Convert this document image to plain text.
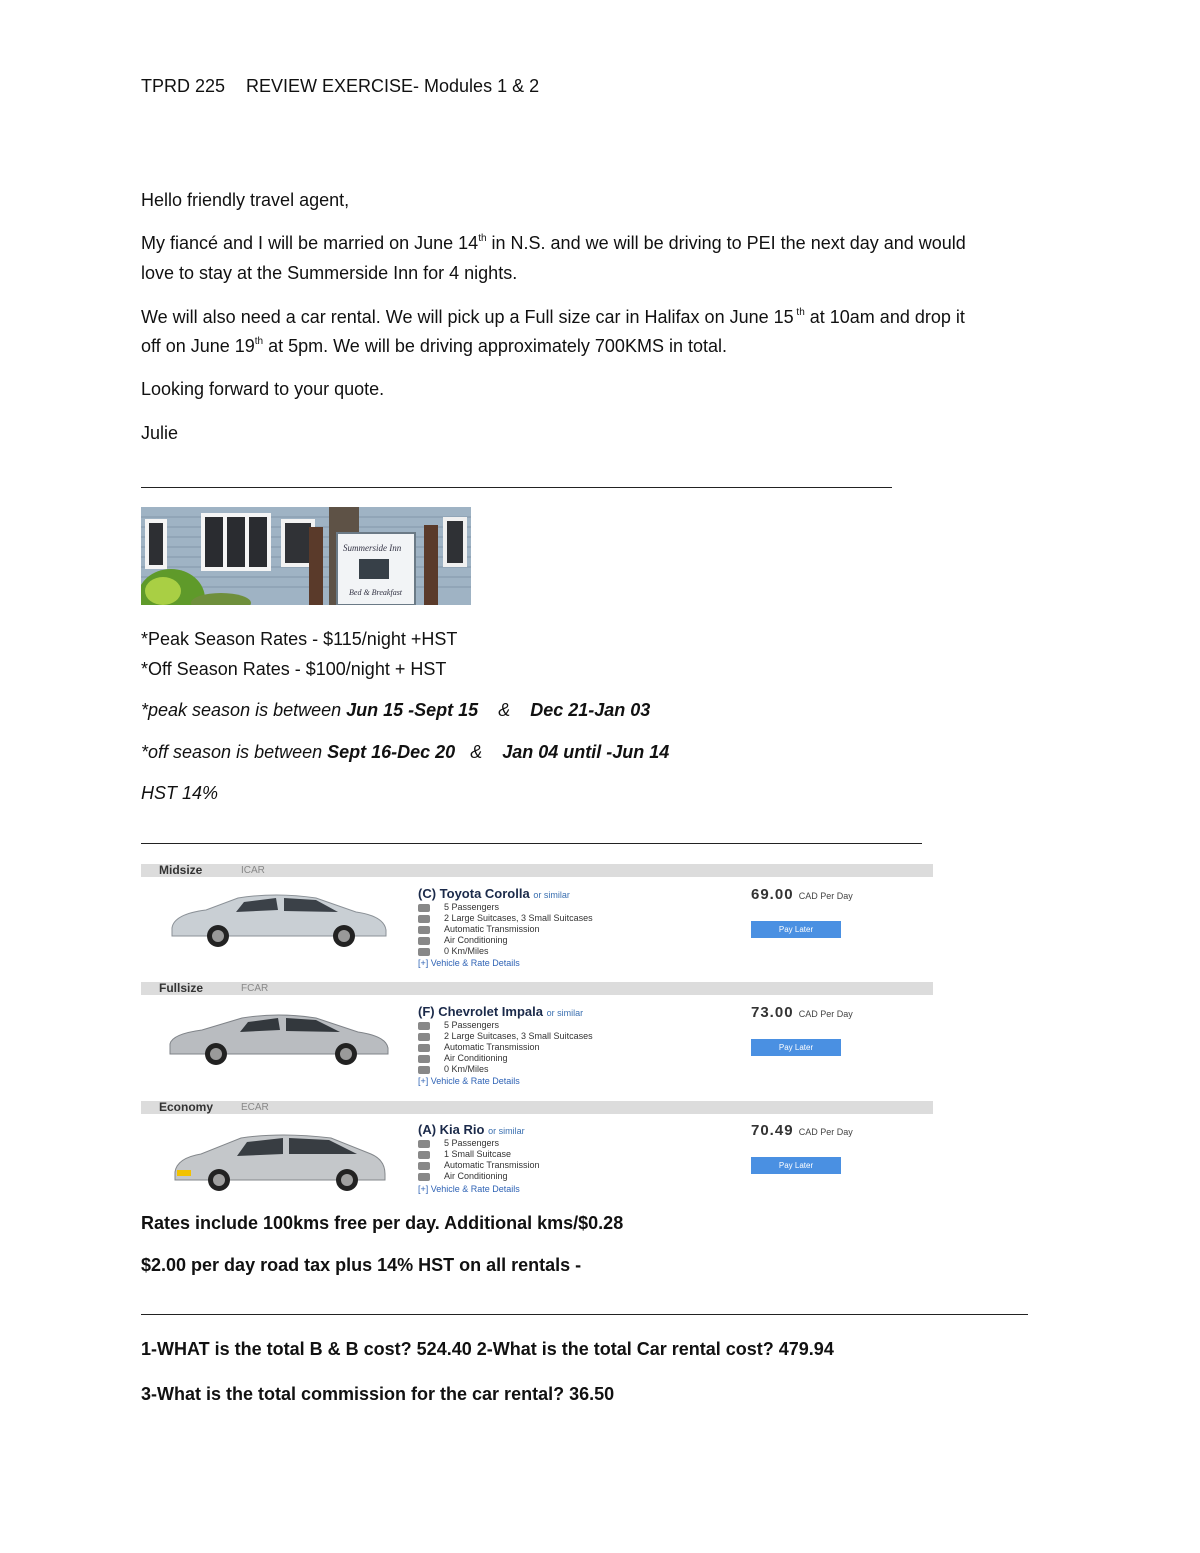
TPRD 225 REVIEW EXERCISE- Modules 1 & 2
Hello friendly travel agent,
My fiancé and I will be married on June 14th in N.S. and we will be driving to PEI the next day and would
love to stay at the Summerside Inn for 4 nights.
We will also need a car rental. We will pick up a Full size car in Halifax on June 15 $^{th}$ at 10am and drop it
off on June 19th at 5pm. We will be driving approximately 700KMS in total.
Looking forward to your quote.
Julie
Summerside Inn
Bed & Breakfast
*Peak Season Rates - $115/night +HST
*Off Season Rates - $100/night + HST
*peak season is between Jun 15 -Sept 15 & Dec 21-Jan 03
*off season is between Sept 16-Dec 20 & Jan 04 until -Jun 14
HST 14%
Midsize	ICAR
(C) Toyota Corolla or similar
5 Passengers
2 Large Suitcases, 3 Small Suitcases
Automatic Transmission
Air Conditioning
0 Km/Miles
[+] Vehicle & Rate Details
69.00 CAD Per Day
Pay Later
Fullsize	FCAR
(F) Chevrolet Impala or similar
5 Passengers
2 Large Suitcases, 3 Small Suitcases
Automatic Transmission
Air Conditioning
0 Km/Miles
[+] Vehicle & Rate Details
73.00 CAD Per Day
Pay Later
Economy	ECAR
(A) Kia Rio or similar
5 Passengers
1 Small Suitcase
Automatic Transmission
Air Conditioning
[+] Vehicle & Rate Details
70.49 CAD Per Day
Pay Later
Rates include 100kms free per day. Additional kms/$0.28
$2.00 per day road tax plus 14% HST on all rentals -
1-WHAT is the total B & B cost? 524.40 2-What is the total Car rental cost? 479.94
3-What is the total commission for the car rental? 36.50
